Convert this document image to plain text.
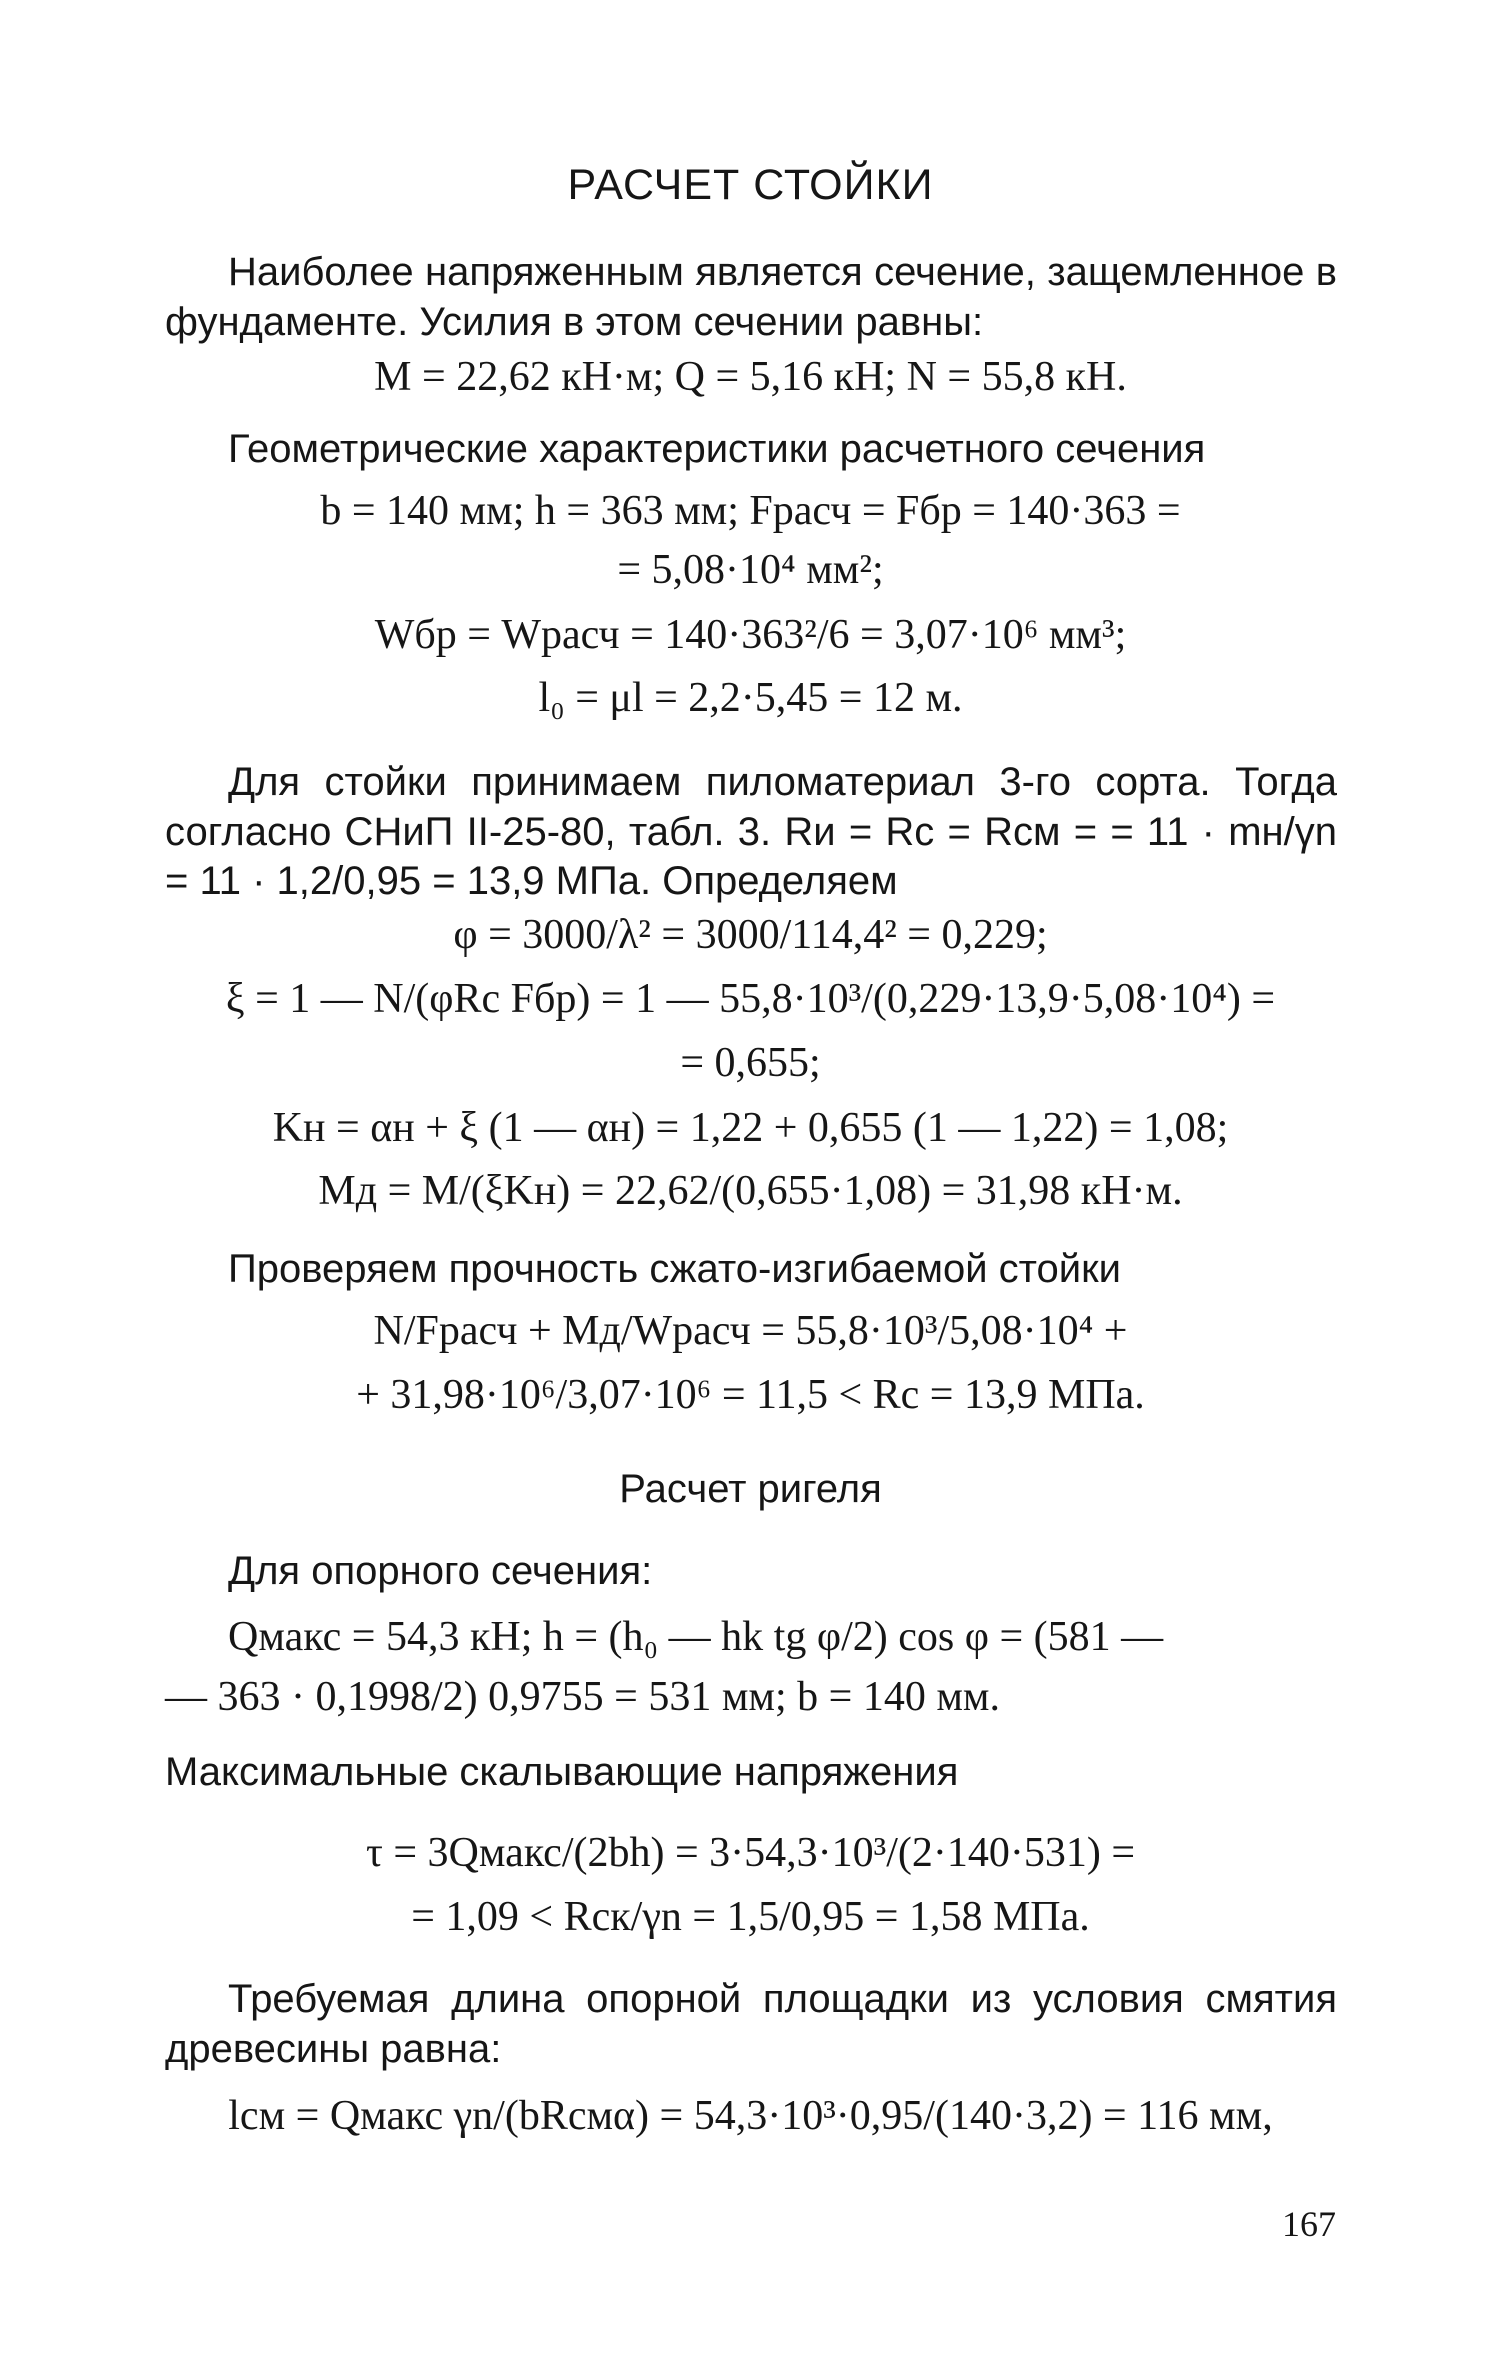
РАСЧЕТ СТОЙКИ
Наиболее напряженным является сечение, защемленное в фундаменте. Усилия в этом сечении равны:
M = 22,62 кН·м; Q = 5,16 кН; N = 55,8 кН.
Геометрические характеристики расчетного сечения
b = 140 мм; h = 363 мм; Fрасч = Fбр = 140·363 =
= 5,08·10⁴ мм²;
Wбр = Wрасч = 140·363²/6 = 3,07·10⁶ мм³;
l₀ = μl = 2,2·5,45 = 12 м.
Для стойки принимаем пиломатериал 3-го сорта. Тогда согласно СНиП II-25-80, табл. 3. Rи = Rс = Rсм = = 11 · mн/γn = 11 · 1,2/0,95 = 13,9 МПа. Определяем
φ = 3000/λ² = 3000/114,4² = 0,229;
ξ = 1 — N/(φRс Fбр) = 1 — 55,8·10³/(0,229·13,9·5,08·10⁴) =
= 0,655;
Kн = αн + ξ (1 — αн) = 1,22 + 0,655 (1 — 1,22) = 1,08;
Mд = M/(ξKн) = 22,62/(0,655·1,08) = 31,98 кН·м.
Проверяем прочность сжато-изгибаемой стойки
N/Fрасч + Mд/Wрасч = 55,8·10³/5,08·10⁴ +
+ 31,98·10⁶/3,07·10⁶ = 11,5 < Rс = 13,9 МПа.
Расчет ригеля
Для опорного сечения:
Qмакс = 54,3 кН; h = (h₀ — hk tg φ/2) cos φ = (581 —
— 363 · 0,1998/2) 0,9755 = 531 мм; b = 140 мм.
Максимальные скалывающие напряжения
τ = 3Qмакс/(2bh) = 3·54,3·10³/(2·140·531) =
= 1,09 < Rск/γn = 1,5/0,95 = 1,58 МПа.
Требуемая длина опорной площадки из условия смятия древесины равна:
lсм = Qмакс γn/(bRсмα) = 54,3·10³·0,95/(140·3,2) = 116 мм,
167
